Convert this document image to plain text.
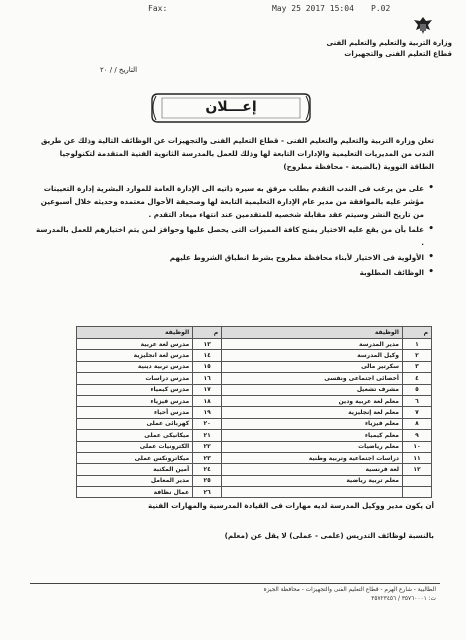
Fax:	May 25 2017 15:04 P.02
وزارة التربية والتعليم والتعليم الفنى
قطاع التعليم الفنى والتجهيزات
التاريخ / / ٢٠
إعـــلان
تعلن وزارة التربية والتعليم والتعليم الفنى - قطاع التعليم الفنى والتجهيزات عن الوظائف التالية وذلك عن طريق الندب من المديريات التعليمية والإدارات التابعة لها وذلك للعمل بالمدرسة الثانوية الفنية المتقدمة لتكنولوجيا الطاقة النووية (بالضبعة - محافظة مطروح)
• على من يرغب فى الندب التقدم بطلب مرفق به سيره ذاتيه الى الإدارة العامة للموارد البشرية إدارة التعيينات مؤشر عليه بالموافقة من مدير عام الإدارة التعليمية التابعة لها وصحيفة الأحوال معتمده وحديثه خلال أسبوعين من تاريخ النشر وسيتم عقد مقابلة شخصيه للمتقدمين عند انتهاء ميعاد التقدم .
• علما بأن من يقع عليه الاختيار يمنح كافة المميزات التى يحصل عليها وحوافز لمن يتم اختيارهم للعمل بالمدرسة .
• الأولوية فى الاختيار لأبناء محافظة مطروح بشرط انطباق الشروط عليهم
• الوظائف المطلوبة
م	الوظيفة	م	الوظيفة
١	مدير المدرسة	١٣	مدرس لغة عربية
٢	وكيل المدرسة	١٤	مدرس لغة انجليزية
٣	سكرتير مالى	١٥	مدرس تربية دينية
٤	أخصائى اجتماعى ونفسى	١٦	مدرس دراسات
٥	مشرف تشغيل	١٧	مدرس كيمياء
٦	معلم لغة عربية ودين	١٨	مدرس فيزياء
٧	معلم لغة إنجليزية	١٩	مدرس أحياء
٨	معلم فيزياء	٢٠	كهربائى عملى
٩	معلم كيمياء	٢١	ميكانيكى عملى
١٠	معلم رياضيات	٢٢	الكترونيات عملى
١١	دراسات اجتماعية وتربية وطنية	٢٣	ميكاترونكس عملى
١٢	لغة فرنسية	٢٤	أمين المكتبة
	معلم تربية رياضية	٢٥	مدير المعامل
		٢٦	عمال نظافة
أن يكون مدير ووكيل المدرسة لديه مهارات فى القيادة المدرسية والمهارات الفنية
بالنسبة لوظائف التدريس (علمى - عملى) لا يقل عن (معلم)
الطالبية - شارع الهرم - قطاع التعليم الفنى والتجهيزات - محافظة الجيزة
ت: ٣٥٧٦٠٠٠١ / ٣٥٧٢٣٤٥٦
